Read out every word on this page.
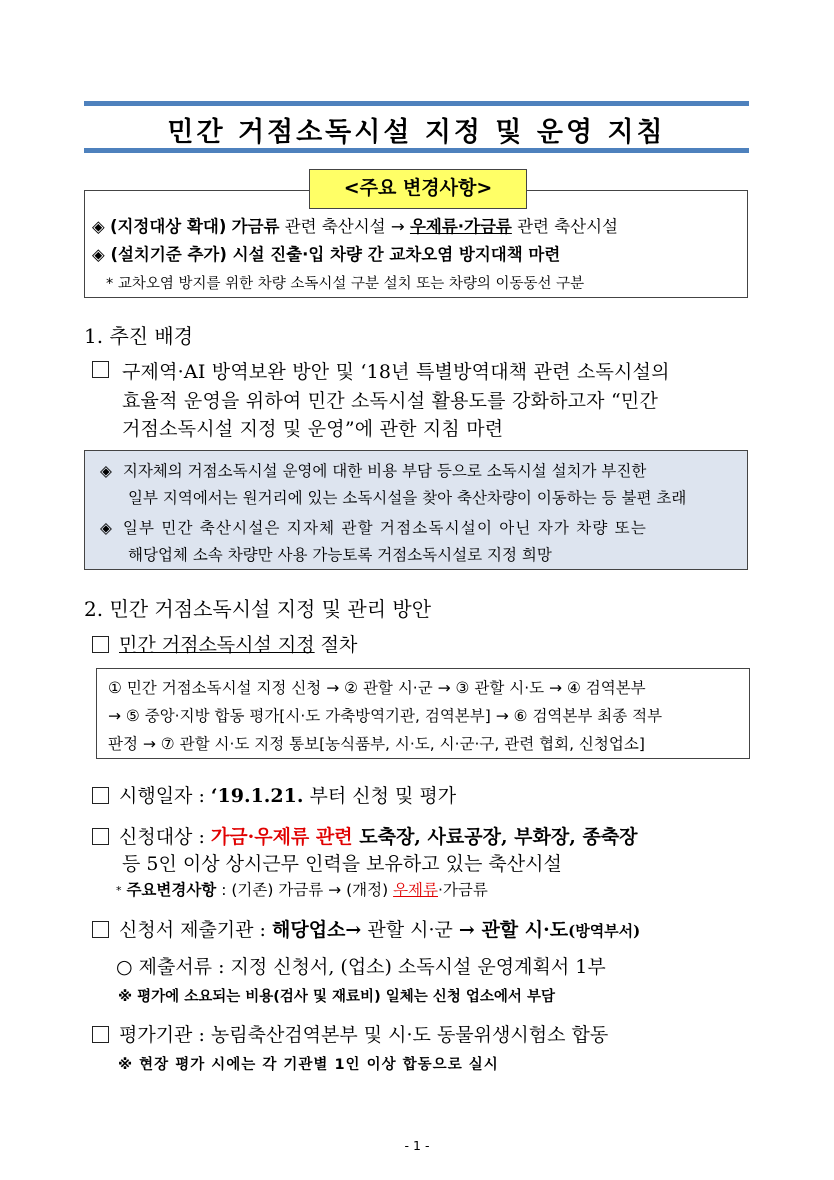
민간 거점소독시설 지정 및 운영 지침
<주요 변경사항>
◈ (지정대상 확대) 가금류 관련 축산시설 → 우제류·가금류 관련 축산시설
◈ (설치기준 추가) 시설 진출·입 차량 간 교차오염 방지대책 마련
* 교차오염 방지를 위한 차량 소독시설 구분 설치 또는 차량의 이동동선 구분
1. 추진 배경
구제역·AI 방역보완 방안 및 ‘18년 특별방역대책 관련 소독시설의
효율적 운영을 위하여 민간 소독시설 활용도를 강화하고자 “민간
거점소독시설 지정 및 운영”에 관한 지침 마련
◈ 지자체의 거점소독시설 운영에 대한 비용 부담 등으로 소독시설 설치가 부진한
일부 지역에서는 원거리에 있는 소독시설을 찾아 축산차량이 이동하는 등 불편 초래
◈ 일부 민간 축산시설은 지자체 관할 거점소독시설이 아닌 자가 차량 또는
해당업체 소속 차량만 사용 가능토록 거점소독시설로 지정 희망
2. 민간 거점소독시설 지정 및 관리 방안
민간 거점소독시설 지정 절차
① 민간 거점소독시설 지정 신청 → ② 관할 시·군 → ③ 관할 시·도 → ④ 검역본부
→ ⑤ 중앙·지방 합동 평가[시·도 가축방역기관, 검역본부] → ⑥ 검역본부 최종 적부
판정 → ⑦ 관할 시·도 지정 통보[농식품부, 시·도, 시·군·구, 관련 협회, 신청업소]
시행일자 : ‘19.1.21. 부터 신청 및 평가
신청대상 : 가금·우제류 관련 도축장, 사료공장, 부화장, 종축장
등 5인 이상 상시근무 인력을 보유하고 있는 축산시설
* 주요변경사항 : (기존) 가금류 → (개정) 우제류·가금류
신청서 제출기관 : 해당업소→ 관할 시·군 → 관할 시·도(방역부서)
○ 제출서류 : 지정 신청서, (업소) 소독시설 운영계획서 1부
※ 평가에 소요되는 비용(검사 및 재료비) 일체는 신청 업소에서 부담
평가기관 : 농림축산검역본부 및 시·도 동물위생시험소 합동
※ 현장 평가 시에는 각 기관별 1인 이상 합동으로 실시
- 1 -
